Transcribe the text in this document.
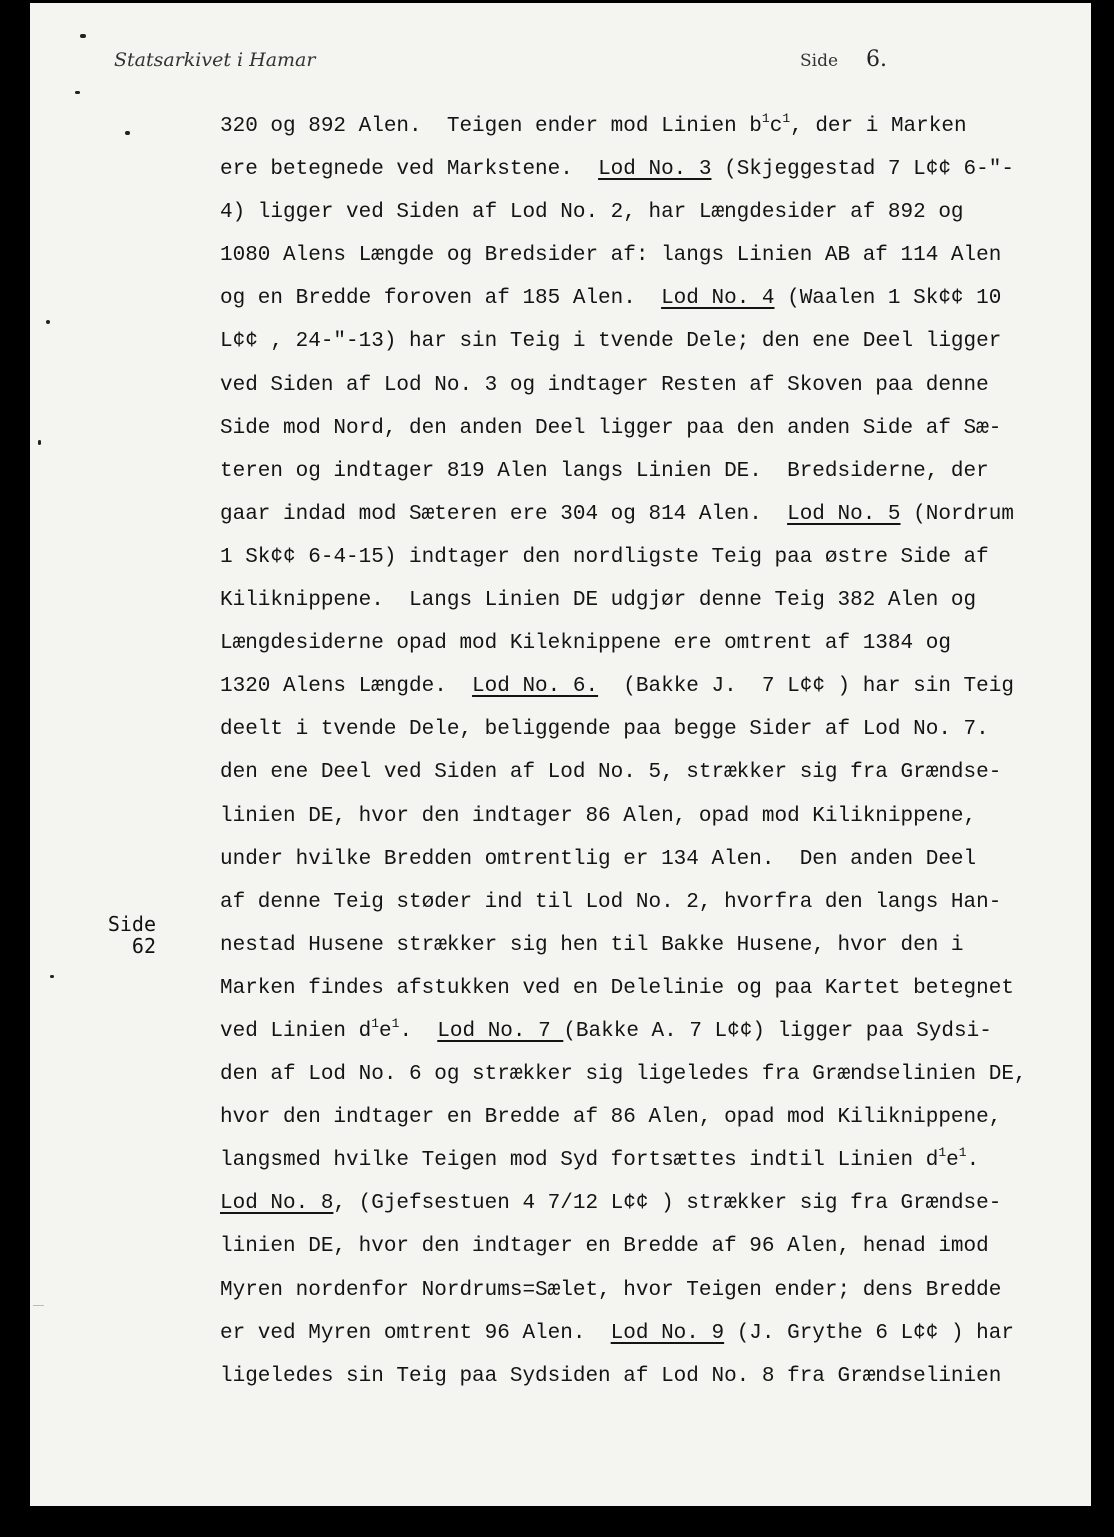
Statsarkivet i Hamar	Side 6.
Side
62
320 og 892 Alen.  Teigen ender mod Linien $b^1c^1$, der i Marken
ere betegnede ved Markstene.  Lod No. 3 (Skjeggestad 7 L¢¢ 6-"-
4) ligger ved Siden af Lod No. 2, har Længdesider af 892 og
1080 Alens Længde og Bredsider af: langs Linien AB af 114 Alen
og en Bredde foroven af 185 Alen.  Lod No. 4 (Waalen 1 Sk¢¢ 10
L¢¢ , 24-"-13) har sin Teig i tvende Dele; den ene Deel ligger
ved Siden af Lod No. 3 og indtager Resten af Skoven paa denne
Side mod Nord, den anden Deel ligger paa den anden Side af Sæ-
teren og indtager 819 Alen langs Linien DE.  Bredsiderne, der
gaar indad mod Sæteren ere 304 og 814 Alen.  Lod No. 5 (Nordrum
1 Sk¢¢ 6-4-15) indtager den nordligste Teig paa østre Side af
Kiliknippene.  Langs Linien DE udgjør denne Teig 382 Alen og
Længdesiderne opad mod Kileknippene ere omtrent af 1384 og
1320 Alens Længde.  Lod No. 6.  (Bakke J.  7 L¢¢ ) har sin Teig
deelt i tvende Dele, beliggende paa begge Sider af Lod No. 7.
den ene Deel ved Siden af Lod No. 5, strækker sig fra Grændse-
linien DE, hvor den indtager 86 Alen, opad mod Kiliknippene,
under hvilke Bredden omtrentlig er 134 Alen.  Den anden Deel
af denne Teig støder ind til Lod No. 2, hvorfra den langs Han-
nestad Husene strækker sig hen til Bakke Husene, hvor den i
Marken findes afstukken ved en Delelinie og paa Kartet betegnet
ved Linien $d^1e^1$.  Lod No. 7 (Bakke A. 7 L¢¢) ligger paa Sydsi-
den af Lod No. 6 og strækker sig ligeledes fra Grændselinien DE,
hvor den indtager en Bredde af 86 Alen, opad mod Kiliknippene,
langsmed hvilke Teigen mod Syd fortsættes indtil Linien $d^1e^1$.
Lod No. 8, (Gjefsestuen 4 7/12 L¢¢ ) strækker sig fra Grændse-
linien DE, hvor den indtager en Bredde af 96 Alen, henad imod
Myren nordenfor Nordrums=Sælet, hvor Teigen ender; dens Bredde
er ved Myren omtrent 96 Alen.  Lod No. 9 (J. Grythe 6 L¢¢ ) har
ligeledes sin Teig paa Sydsiden af Lod No. 8 fra Grændselinien
